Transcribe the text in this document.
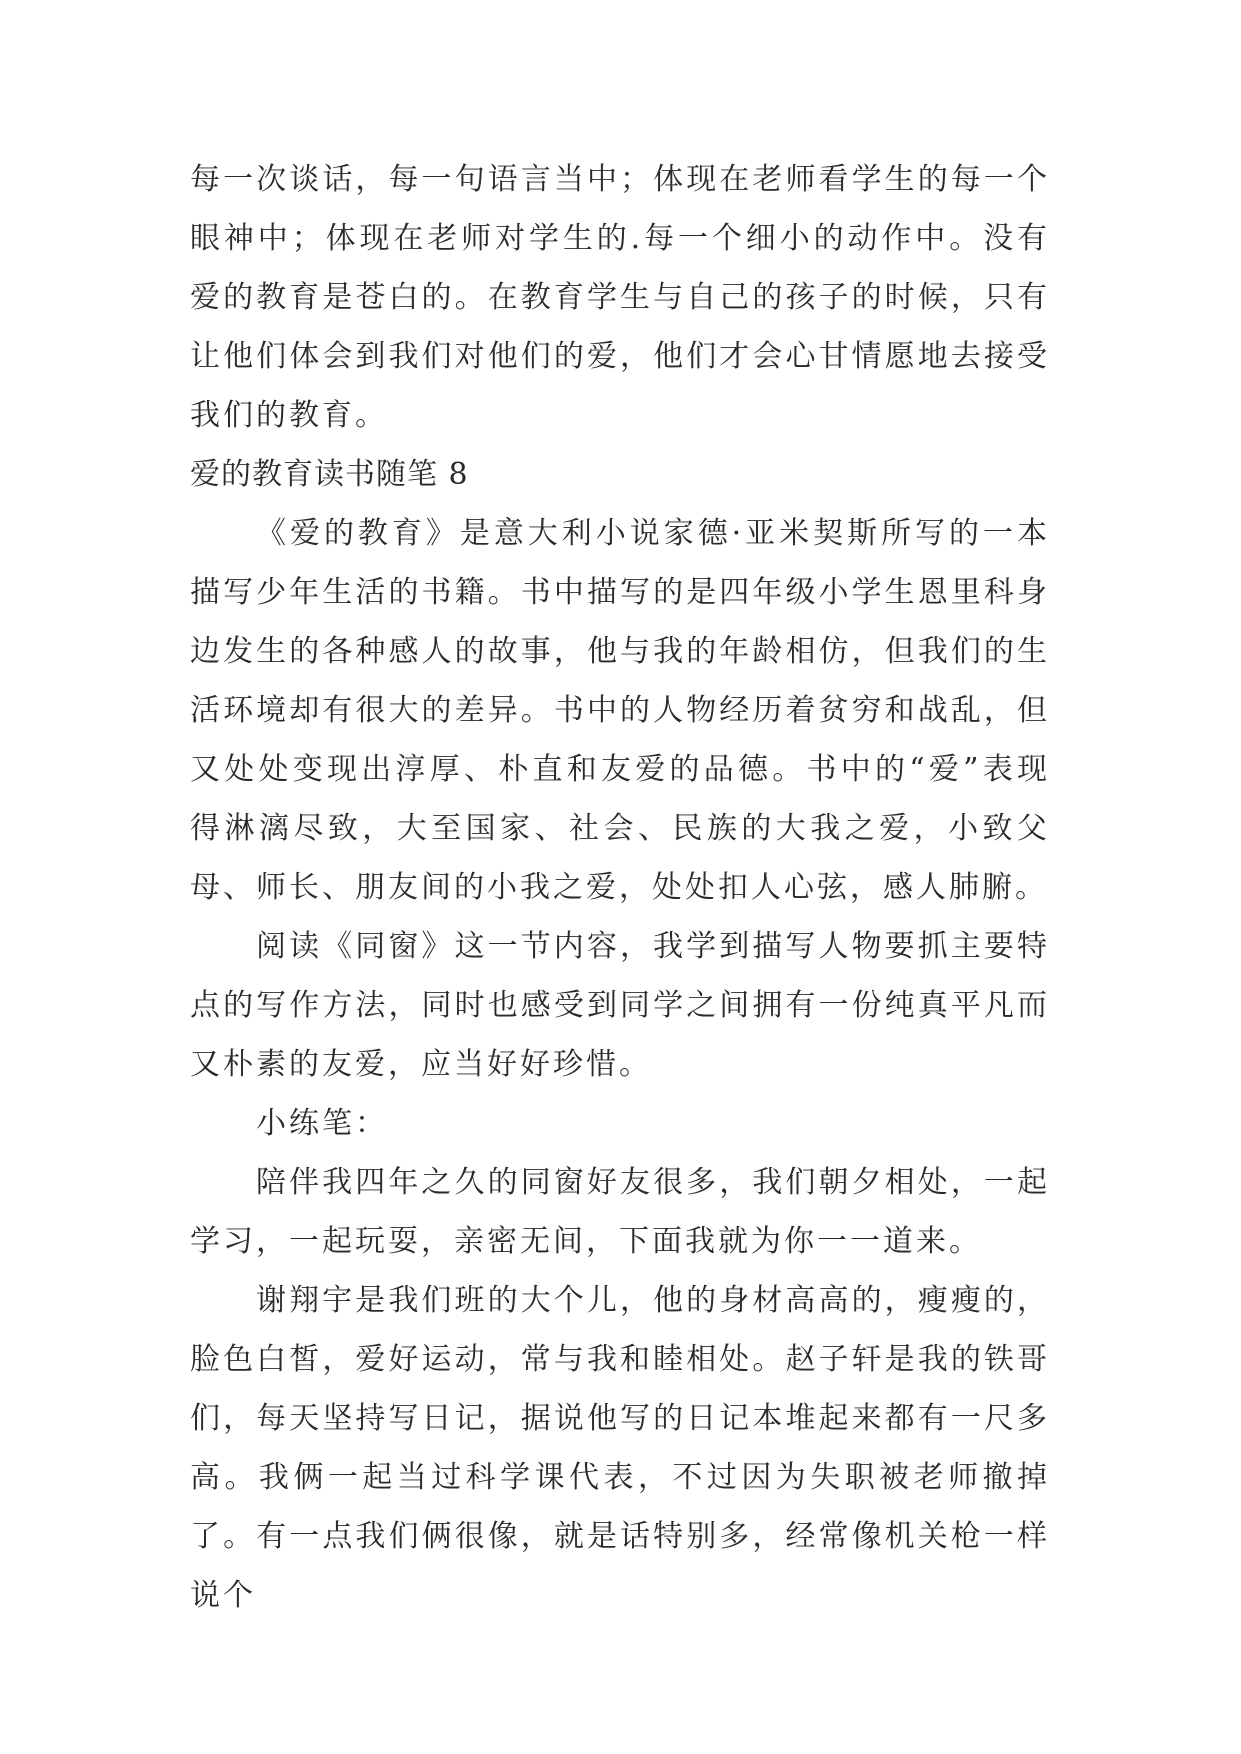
每一次谈话，每一句语言当中；体现在老师看学生的每一个眼神中；体现在老师对学生的.每一个细小的动作中。没有爱的教育是苍白的。在教育学生与自己的孩子的时候，只有让他们体会到我们对他们的爱，他们才会心甘情愿地去接受我们的教育。

爱的教育读书随笔 8

《爱的教育》是意大利小说家德·亚米契斯所写的一本描写少年生活的书籍。书中描写的是四年级小学生恩里科身边发生的各种感人的故事，他与我的年龄相仿，但我们的生活环境却有很大的差异。书中的人物经历着贫穷和战乱，但又处处变现出淳厚、朴直和友爱的品德。书中的“爱”表现得淋漓尽致，大至国家、社会、民族的大我之爱，小致父母、师长、朋友间的小我之爱，处处扣人心弦，感人肺腑。

阅读《同窗》这一节内容，我学到描写人物要抓主要特点的写作方法，同时也感受到同学之间拥有一份纯真平凡而又朴素的友爱，应当好好珍惜。

小练笔：

陪伴我四年之久的同窗好友很多，我们朝夕相处，一起学习，一起玩耍，亲密无间，下面我就为你一一道来。

谢翔宇是我们班的大个儿，他的身材高高的，瘦瘦的，脸色白皙，爱好运动，常与我和睦相处。赵子轩是我的铁哥们，每天坚持写日记，据说他写的日记本堆起来都有一尺多高。我俩一起当过科学课代表，不过因为失职被老师撤掉了。有一点我们俩很像，就是话特别多，经常像机关枪一样说个
